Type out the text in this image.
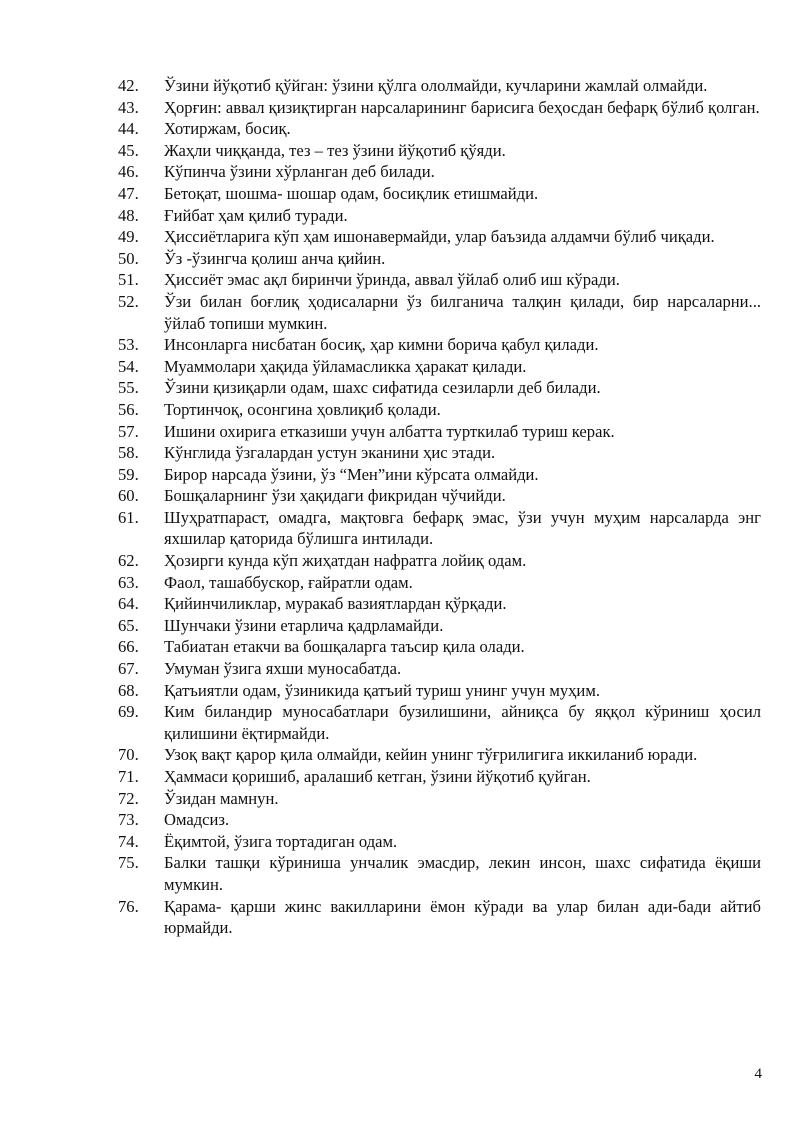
42.	Ўзини йўқотиб қўйган: ўзини қўлга ололмайди, кучларини жамлай олмайди.
43.	Ҳорғин: аввал қизиқтирган нарсаларининг барисига беҳосдан бефарқ бўлиб қолган.
44.	Хотиржам, босиқ.
45.	Жаҳли чиққанда, тез – тез ўзини йўқотиб қўяди.
46.	Кўпинча ўзини хўрланган деб билади.
47.	Бетоқат, шошма- шошар одам, босиқлик етишмайди.
48.	Ғийбат ҳам қилиб туради.
49.	Ҳиссиётларига кўп ҳам ишонавермайди, улар баъзида алдамчи бўлиб чиқади.
50.	Ўз -ўзингча қолиш анча қийин.
51.	Ҳиссиёт эмас ақл биринчи ўринда, аввал ўйлаб олиб иш кўради.
52.	Ўзи билан боғлиқ ҳодисаларни ўз билганича талқин қилади, бир нарсаларни... ўйлаб топиши мумкин.
53.	Инсонларга нисбатан босиқ, ҳар кимни борича қабул қилади.
54.	Муаммолари ҳақида ўйламасликка ҳаракат қилади.
55.	Ўзини қизиқарли одам, шахс сифатида сезиларли деб билади.
56.	Тортинчоқ, осонгина ҳовлиқиб қолади.
57.	Ишини охирига етказиши учун албатта турткилаб туриш керак.
58.	Кўнглида ўзгалардан устун эканини ҳис этади.
59.	Бирор нарсада ўзини, ўз “Мен”ини кўрсата олмайди.
60.	Бошқаларнинг ўзи ҳақидаги фикридан чўчийди.
61.	Шуҳратпараст, омадга, мақтовга бефарқ эмас, ўзи учун муҳим нарсаларда энг яхшилар қаторида бўлишга интилади.
62.	Ҳозирги кунда кўп жиҳатдан нафратга лойиқ одам.
63.	Фаол, ташаббускор, ғайратли одам.
64.	Қийинчиликлар, муракаб вазиятлардан қўрқади.
65.	Шунчаки ўзини етарлича қадрламайди.
66.	Табиатан етакчи ва бошқаларга таъсир қила олади.
67.	Умуман ўзига яхши муносабатда.
68.	Қатъиятли одам, ўзиникида қатъий туриш унинг учун муҳим.
69.	Ким биландир муносабатлари бузилишини, айниқса бу яққол кўриниш ҳосил қилишини ёқтирмайди.
70.	Узоқ вақт қарор қила олмайди, кейин унинг тўғрилигига иккиланиб юради.
71.	Ҳаммаси қоришиб, аралашиб кетган, ўзини йўқотиб қуйган.
72.	Ўзидан мамнун.
73.	Омадсиз.
74.	Ёқимтой, ўзига тортадиган одам.
75.	Балки ташқи кўриниша унчалик эмасдир, лекин инсон, шахс сифатида ёқиши мумкин.
76.	Қарама- қарши жинс вакилларини ёмон кўради ва улар билан ади-бади айтиб юрмайди.
4
